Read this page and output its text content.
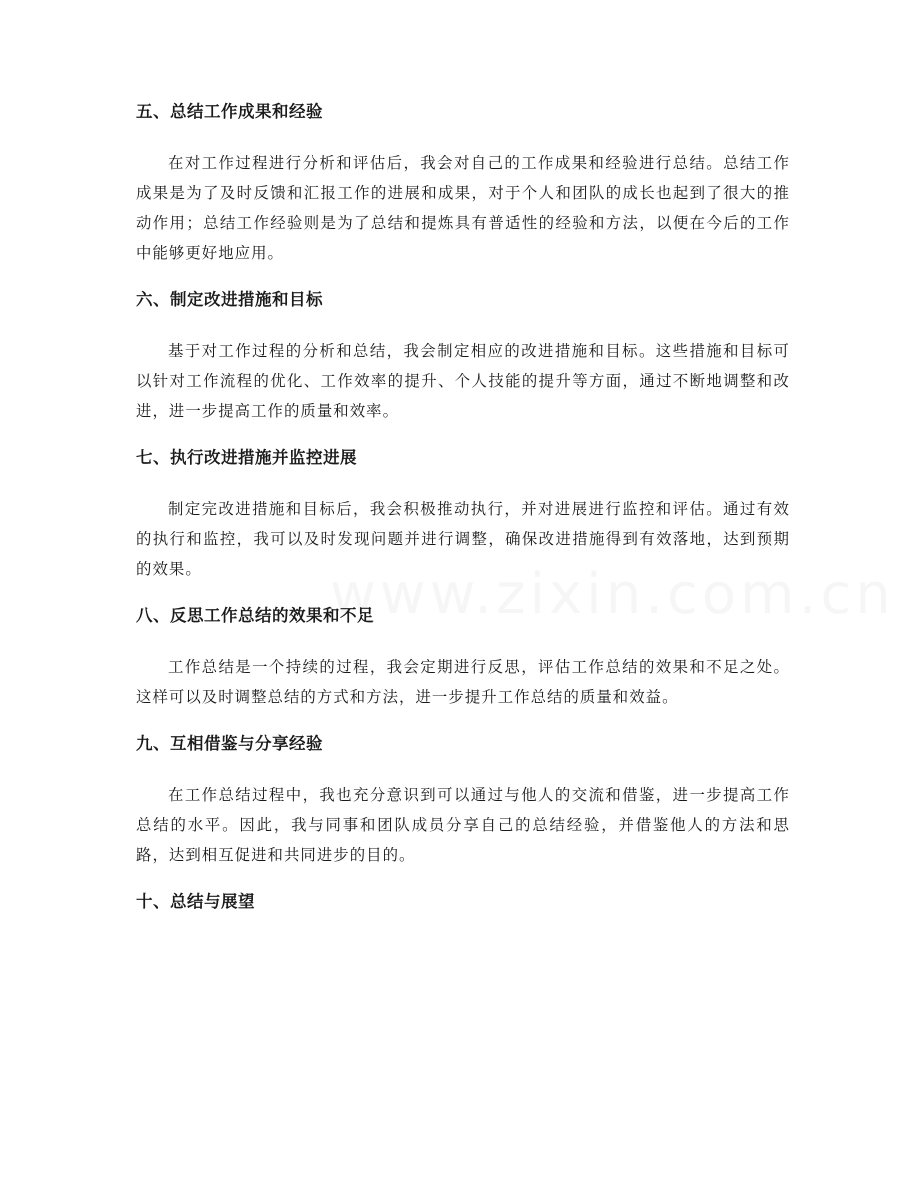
五、总结工作成果和经验

在对工作过程进行分析和评估后，我会对自己的工作成果和经验进行总结。总结工作成果是为了及时反馈和汇报工作的进展和成果，对于个人和团队的成长也起到了很大的推动作用；总结工作经验则是为了总结和提炼具有普适性的经验和方法，以便在今后的工作中能够更好地应用。

六、制定改进措施和目标

基于对工作过程的分析和总结，我会制定相应的改进措施和目标。这些措施和目标可以针对工作流程的优化、工作效率的提升、个人技能的提升等方面，通过不断地调整和改进，进一步提高工作的质量和效率。

七、执行改进措施并监控进展

制定完改进措施和目标后，我会积极推动执行，并对进展进行监控和评估。通过有效的执行和监控，我可以及时发现问题并进行调整，确保改进措施得到有效落地，达到预期的效果。

八、反思工作总结的效果和不足

工作总结是一个持续的过程，我会定期进行反思，评估工作总结的效果和不足之处。这样可以及时调整总结的方式和方法，进一步提升工作总结的质量和效益。

九、互相借鉴与分享经验

在工作总结过程中，我也充分意识到可以通过与他人的交流和借鉴，进一步提高工作总结的水平。因此，我与同事和团队成员分享自己的总结经验，并借鉴他人的方法和思路，达到相互促进和共同进步的目的。

十、总结与展望
